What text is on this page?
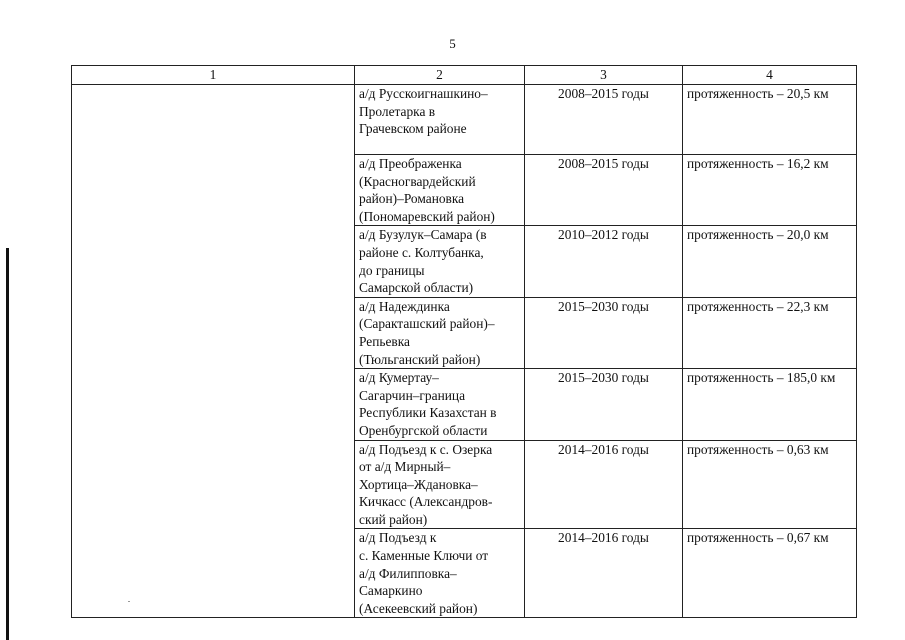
5
1	2	3	4
	а/д Русскоигнашкино–
Пролетарка в
Грачевском районе	2008–2015 годы	протяженность – 20,5 км
	а/д Преображенка
(Красногвардейский
район)–Романовка
(Пономаревский район)	2008–2015 годы	протяженность – 16,2 км
	а/д Бузулук–Самара (в
районе с. Колтубанка,
до границы
Самарской области)	2010–2012 годы	протяженность – 20,0 км
	а/д Надеждинка
(Саракташский район)–
Репьевка
(Тюльганский район)	2015–2030 годы	протяженность – 22,3 км
	а/д Кумертау–
Сагарчин–граница
Республики Казахстан в
Оренбургской области	2015–2030 годы	протяженность – 185,0 км
	а/д Подъезд к с. Озерка
от а/д Мирный–
Хортица–Ждановка–
Кичкасс (Александров-
ский район)	2014–2016 годы	протяженность – 0,63 км
	а/д Подъезд к
с. Каменные Ключи от
а/д Филипповка–
Самаркино
(Асекеевский район)	2014–2016 годы	протяженность – 0,67 км
